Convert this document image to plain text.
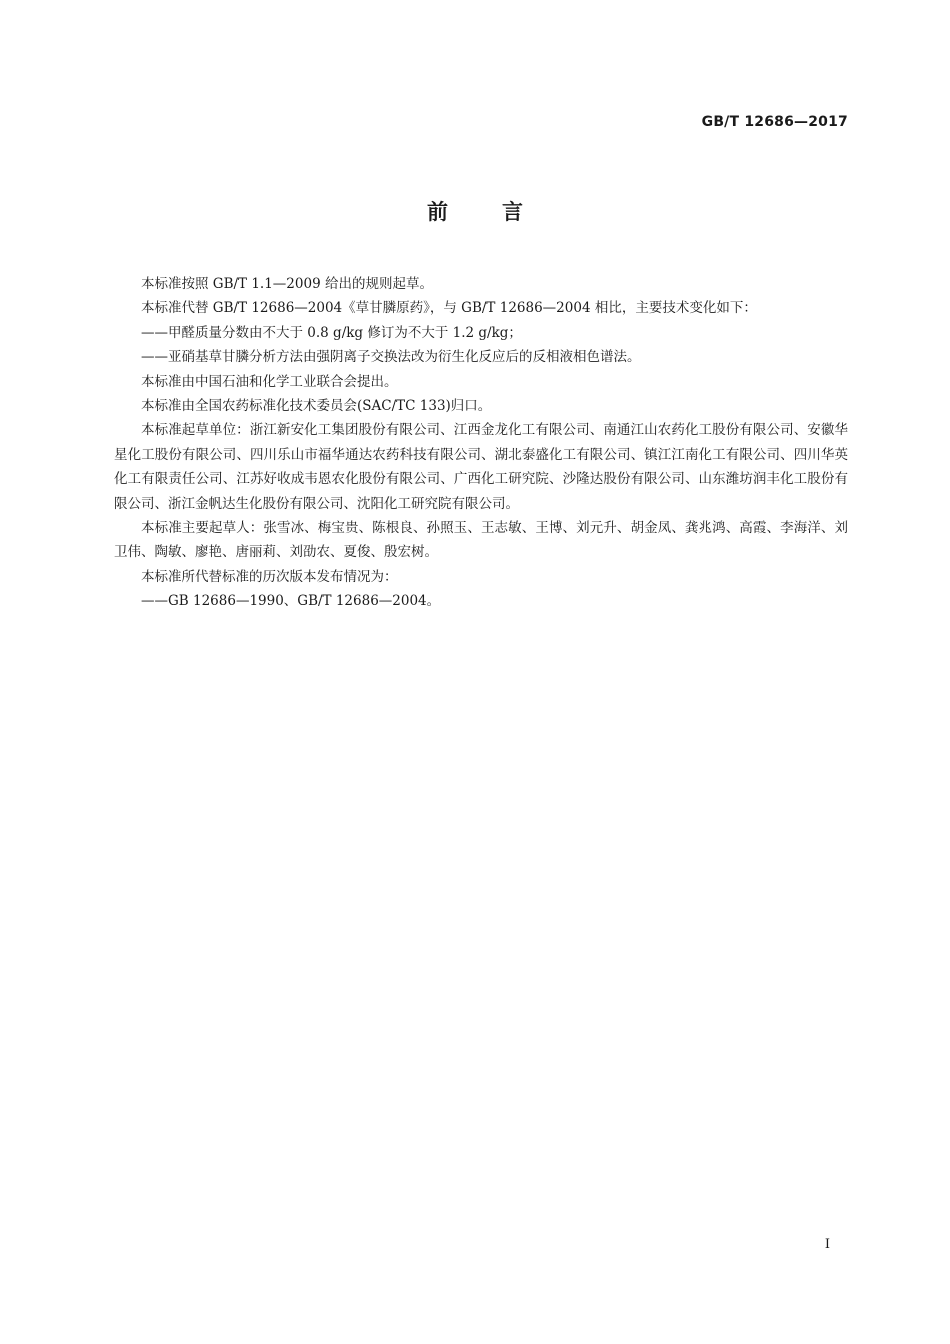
GB/T 12686—2017
前言

本标准按照 GB/T 1.1—2009 给出的规则起草。

本标准代替 GB/T 12686—2004《草甘膦原药》，与 GB/T 12686—2004 相比，主要技术变化如下：

——甲醛质量分数由不大于 0.8 g/kg 修订为不大于 1.2 g/kg；

——亚硝基草甘膦分析方法由强阴离子交换法改为衍生化反应后的反相液相色谱法。

本标准由中国石油和化学工业联合会提出。

本标准由全国农药标准化技术委员会(SAC/TC 133)归口。

本标准起草单位：浙江新安化工集团股份有限公司、江西金龙化工有限公司、南通江山农药化工股份有限公司、安徽华星化工股份有限公司、四川乐山市福华通达农药科技有限公司、湖北泰盛化工有限公司、镇江江南化工有限公司、四川华英化工有限责任公司、江苏好收成韦恩农化股份有限公司、广西化工研究院、沙隆达股份有限公司、山东潍坊润丰化工股份有限公司、浙江金帆达生化股份有限公司、沈阳化工研究院有限公司。

本标准主要起草人：张雪冰、梅宝贵、陈根良、孙照玉、王志敏、王博、刘元升、胡金凤、龚兆鸿、高霞、李海洋、刘卫伟、陶敏、廖艳、唐丽莉、刘劭农、夏俊、殷宏树。

本标准所代替标准的历次版本发布情况为：

——GB 12686—1990、GB/T 12686—2004。

I
